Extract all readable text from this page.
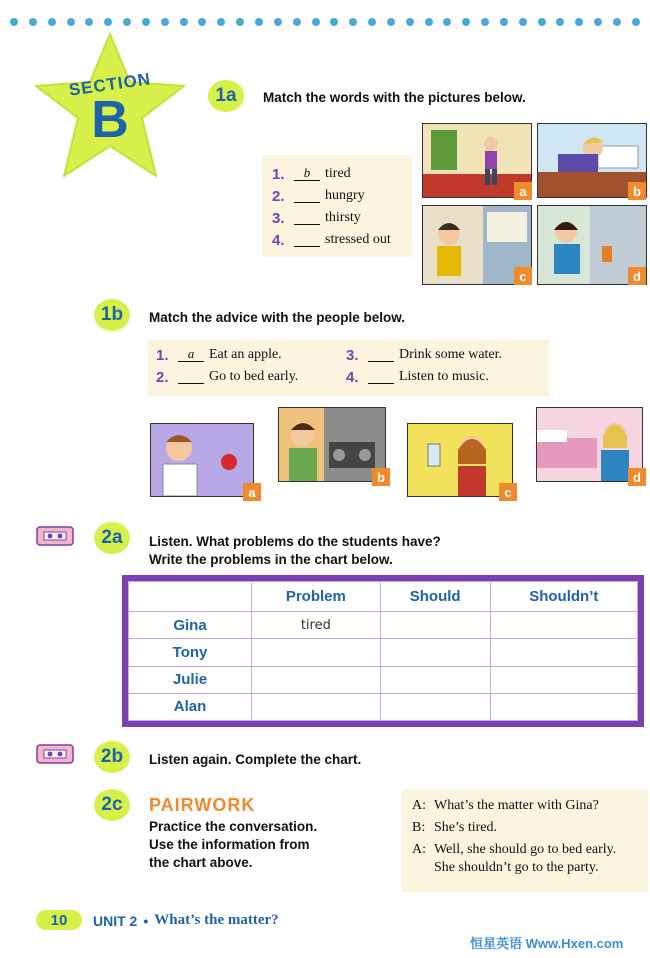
SECTION
B	1a	Match the words with the pictures below.
1.	b	tired
2.	hungry
3.	thirsty
4.	stressed out
a	b
c	d
1b	Match the advice with the people below.
1.	a	Eat an apple.	3.	Drink some water.
2.	Go to bed early.	4.	Listen to music.
a
b
c
d
2a	Listen. What problems do the students have?
Write the problems in the chart below.
	Problem	Should	Shouldn’t
Gina	tired		
Tony			
Julie			
Alan			
2b	Listen again. Complete the chart.
2c	PAIRWORK
Practice the conversation.
Use the information from
the chart above.
A: What’s the matter with Gina?
B: She’s tired.
A: Well, she should go to bed early.
She shouldn’t go to the party.
10	UNIT 2 • What’s the matter?
恒星英语 Www.Hxen.com
